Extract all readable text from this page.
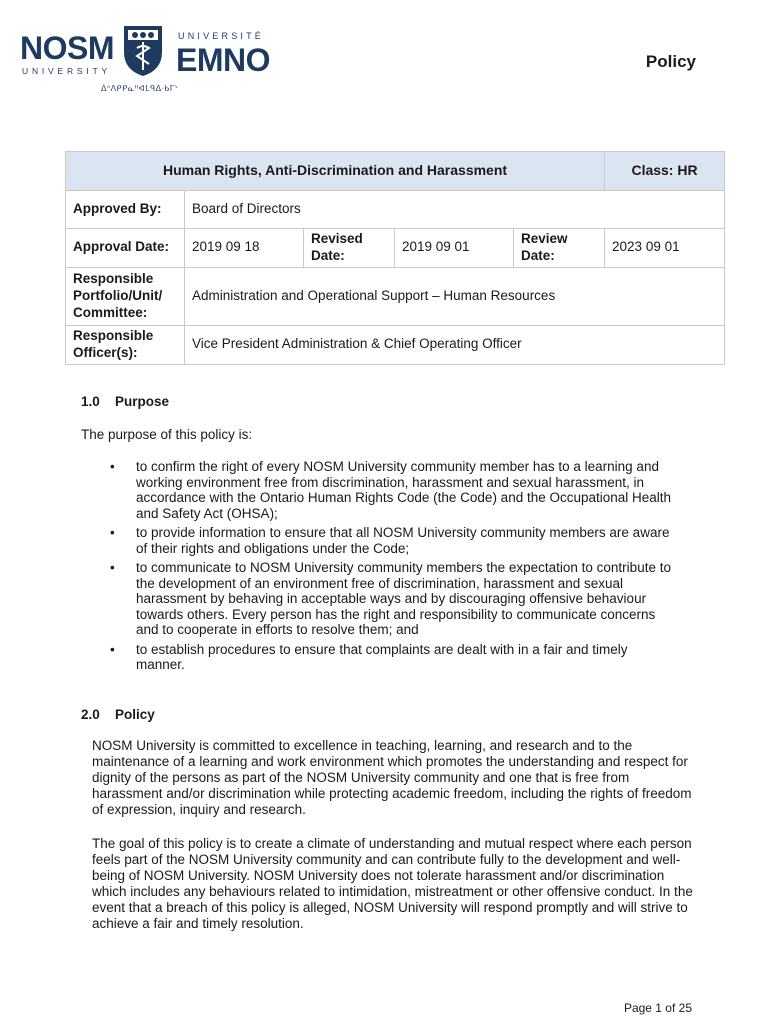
NOSM
UNIVERSITY
UNIVERSITÉ
EMNO
ᐃᐢᐱᑭᑭᓇᐦᐊᒪᑫᐃᐧᑲᒥᐠ
Policy
Human Rights, Anti-Discrimination and Harassment					Class: HR
Approved By:	Board of Directors				
Approval Date:	2019 09 18	Revised Date:	2019 09 01	Review Date:	2023 09 01
Responsible Portfolio/Unit/ Committee:	Administration and Operational Support – Human Resources				
Responsible Officer(s):	Vice President Administration & Chief Operating Officer				
1.0 Purpose

The purpose of this policy is:

• to confirm the right of every NOSM University community member has to a learning and working environment free from discrimination, harassment and sexual harassment, in accordance with the Ontario Human Rights Code (the Code) and the Occupational Health and Safety Act (OHSA);
• to provide information to ensure that all NOSM University community members are aware of their rights and obligations under the Code;
• to communicate to NOSM University community members the expectation to contribute to the development of an environment free of discrimination, harassment and sexual harassment by behaving in acceptable ways and by discouraging offensive behaviour towards others. Every person has the right and responsibility to communicate concerns and to cooperate in efforts to resolve them; and
• to establish procedures to ensure that complaints are dealt with in a fair and timely manner.
2.0 Policy

NOSM University is committed to excellence in teaching, learning, and research and to the maintenance of a learning and work environment which promotes the understanding and respect for dignity of the persons as part of the NOSM University community and one that is free from harassment and/or discrimination while protecting academic freedom, including the rights of freedom of expression, inquiry and research.

The goal of this policy is to create a climate of understanding and mutual respect where each person feels part of the NOSM University community and can contribute fully to the development and well-being of NOSM University. NOSM University does not tolerate harassment and/or discrimination which includes any behaviours related to intimidation, mistreatment or other offensive conduct. In the event that a breach of this policy is alleged, NOSM University will respond promptly and will strive to achieve a fair and timely resolution.

Page 1 of 25
